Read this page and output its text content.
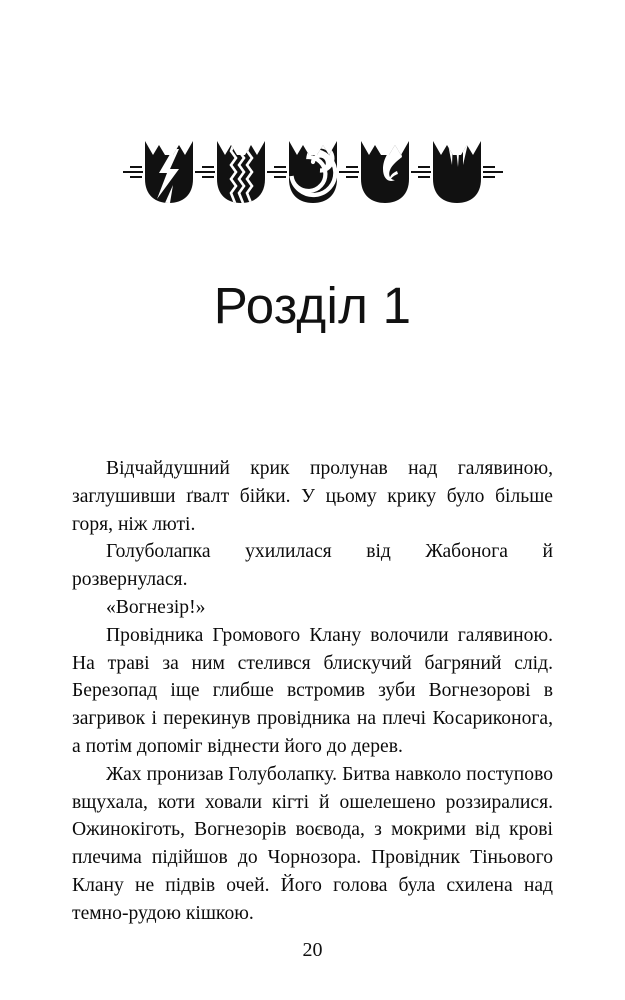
Розділ 1

Відчайдушний крик пролунав над галявиною, заглушивши ґвалт бійки. У цьому крику було більше горя, ніж люті.

Голуболапка ухилилася від Жабонога й розвернулася.

«Вогнезір!»

Провідника Громового Клану волочили галявиною. На траві за ним стелився блискучий багряний слід. Березопад іще глибше встромив зуби Вогнезорові в загривок і перекинув провідника на плечі Косариконога, а потім допоміг віднести його до дерев.

Жах пронизав Голуболапку. Битва навколо поступово вщухала, коти ховали кігті й ошелешено роззиралися. Ожинокіготь, Вогнезорів воєвода, з мокрими від крові плечима підійшов до Чорнозора. Провідник Тіньового Клану не підвів очей. Його голова була схилена над темно-рудою кішкою.

20
